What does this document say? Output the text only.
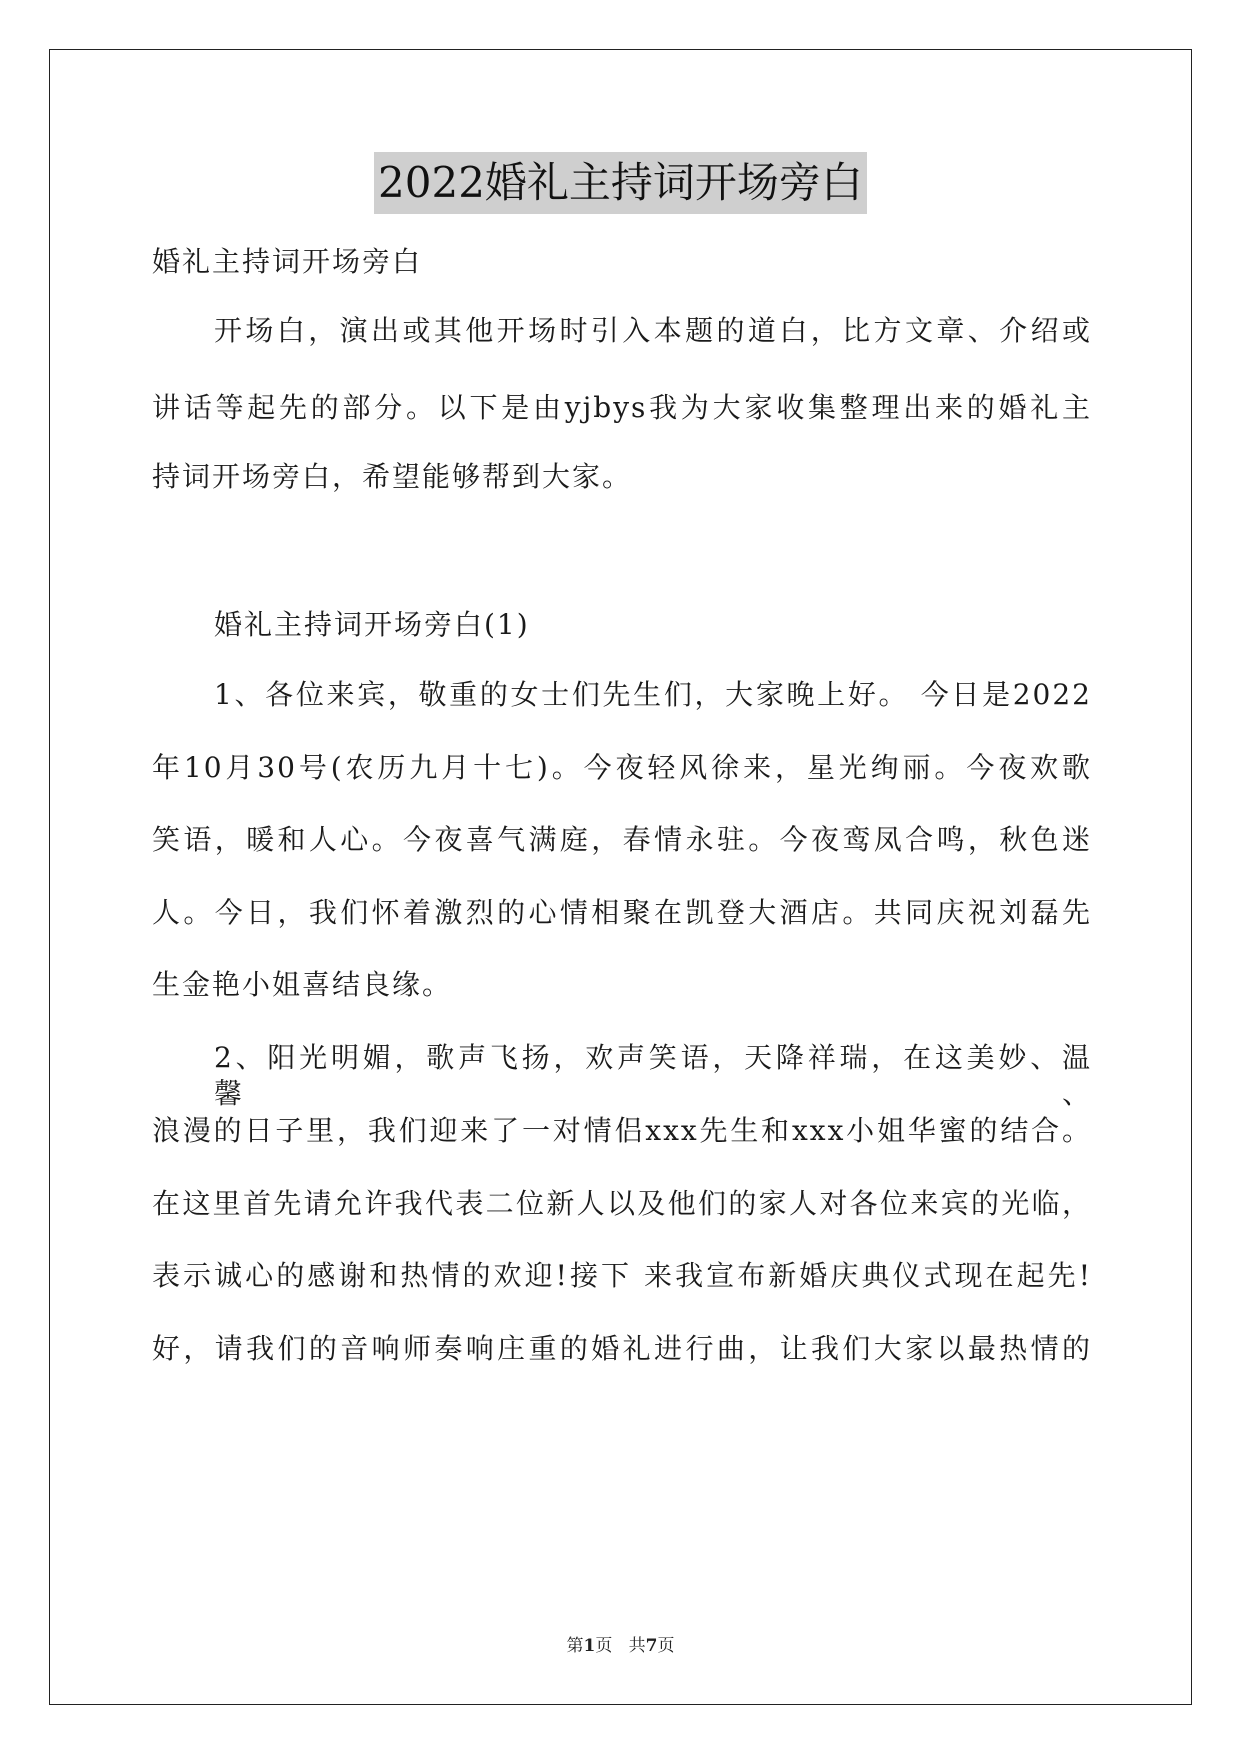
2022婚礼主持词开场旁白
婚礼主持词开场旁白
开场白，演出或其他开场时引入本题的道白，比方文章、介绍或
讲话等起先的部分。以下是由yjbys我为大家收集整理出来的婚礼主
持词开场旁白，希望能够帮到大家。
婚礼主持词开场旁白(1)
1、各位来宾，敬重的女士们先生们，大家晚上好。 今日是2022
年10月30号(农历九月十七)。今夜轻风徐来，星光绚丽。今夜欢歌
笑语，暖和人心。今夜喜气满庭，春情永驻。今夜鸾凤合鸣，秋色迷
人。今日，我们怀着激烈的心情相聚在凯登大酒店。共同庆祝刘磊先
生金艳小姐喜结良缘。
2、阳光明媚，歌声飞扬，欢声笑语，天降祥瑞，在这美妙、温馨、
浪漫的日子里，我们迎来了一对情侣xxx先生和xxx小姐华蜜的结合。
在这里首先请允许我代表二位新人以及他们的家人对各位来宾的光临，
表示诚心的感谢和热情的欢迎!接下 来我宣布新婚庆典仪式现在起先!
好，请我们的音响师奏响庄重的婚礼进行曲，让我们大家以最热情的
第1页 共7页
